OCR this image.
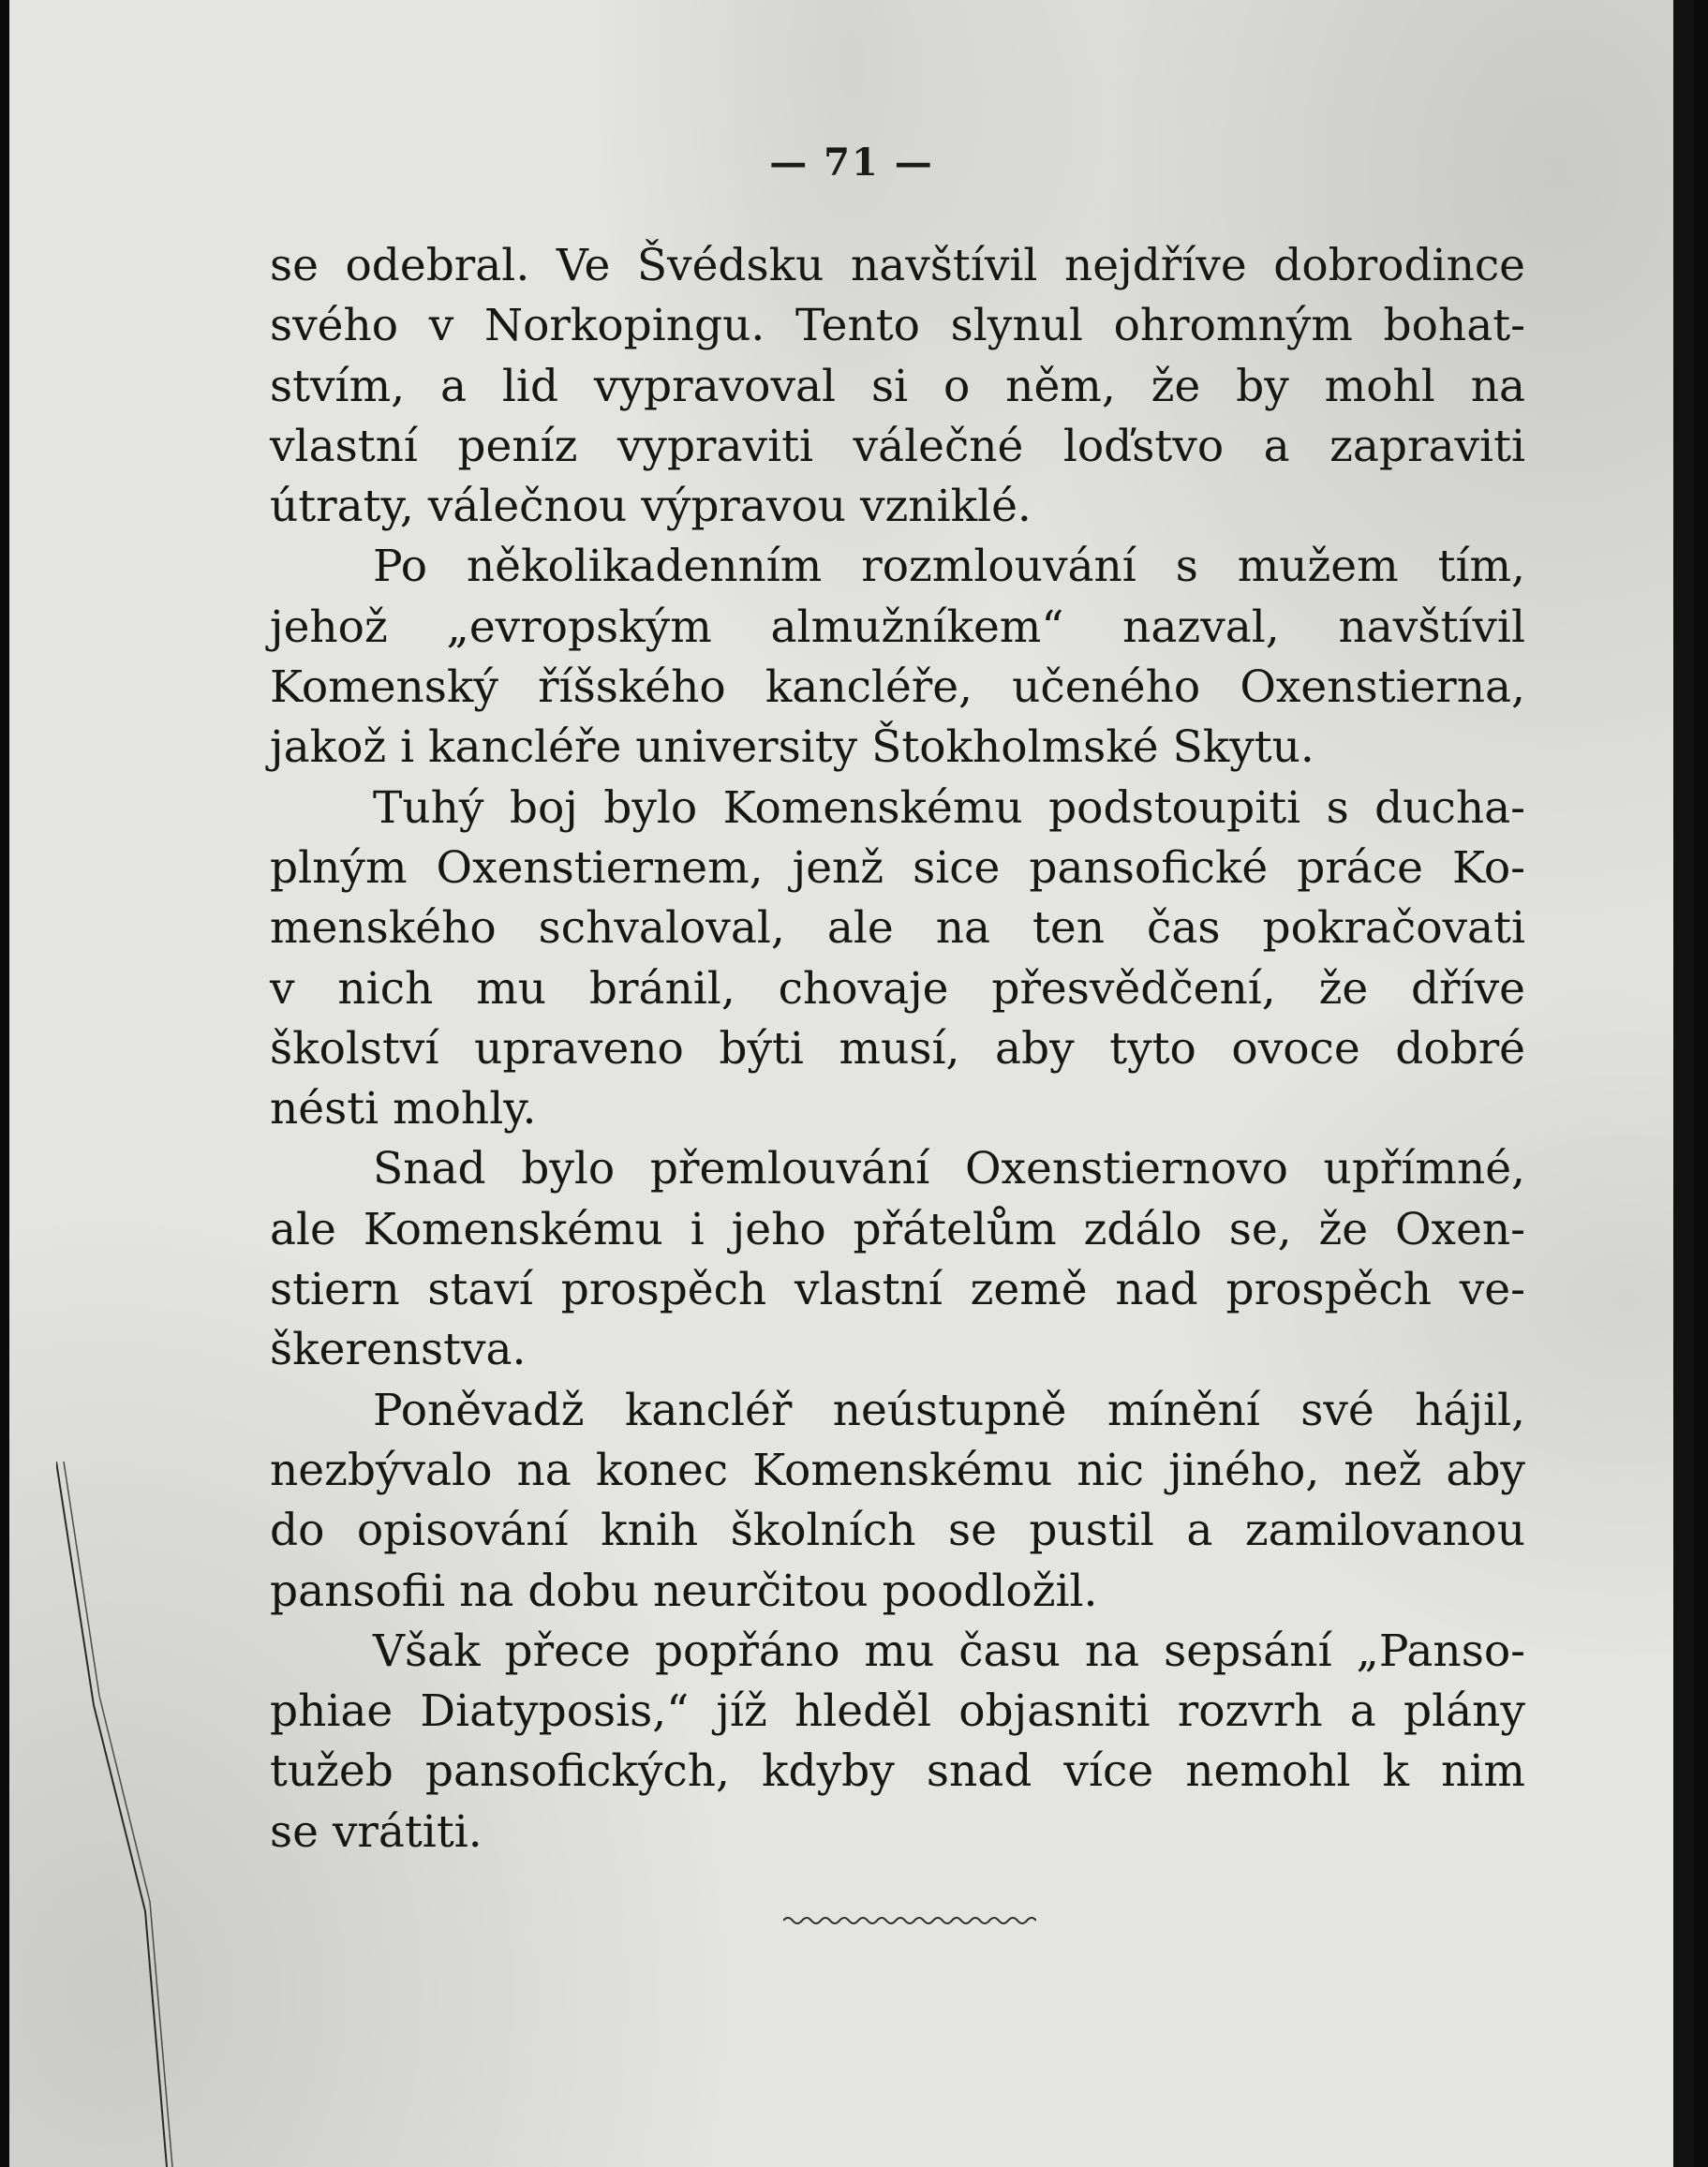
— 71 —
se odebral. Ve Švédsku navštívil nejdříve dobrodince
svého v Norkopingu. Tento slynul ohromným bohat-
stvím, a lid vypravoval si o něm, že by mohl na
vlastní peníz vypraviti válečné loďstvo a zapraviti
útraty, válečnou výpravou vzniklé.
Po několikadenním rozmlouvání s mužem tím,
jehož „evropským almužníkem“ nazval, navštívil
Komenský říšského kancléře, učeného Oxenstierna,
jakož i kancléře university Štokholmské Skytu.
Tuhý boj bylo Komenskému podstoupiti s ducha-
plným Oxenstiernem, jenž sice pansofické práce Ko-
menského schvaloval, ale na ten čas pokračovati
v nich mu bránil, chovaje přesvědčení, že dříve
školství upraveno býti musí, aby tyto ovoce dobré
nésti mohly.
Snad bylo přemlouvání Oxenstiernovo upřímné,
ale Komenskému i jeho přátelům zdálo se, že Oxen-
stiern staví prospěch vlastní země nad prospěch ve-
škerenstva.
Poněvadž kancléř neústupně mínění své hájil,
nezbývalo na konec Komenskému nic jiného, než aby
do opisování knih školních se pustil a zamilovanou
pansofii na dobu neurčitou poodložil.
Však přece popřáno mu času na sepsání „Panso-
phiae Diatyposis,“ jíž hleděl objasniti rozvrh a plány
tužeb pansofických, kdyby snad více nemohl k nim
se vrátiti.
